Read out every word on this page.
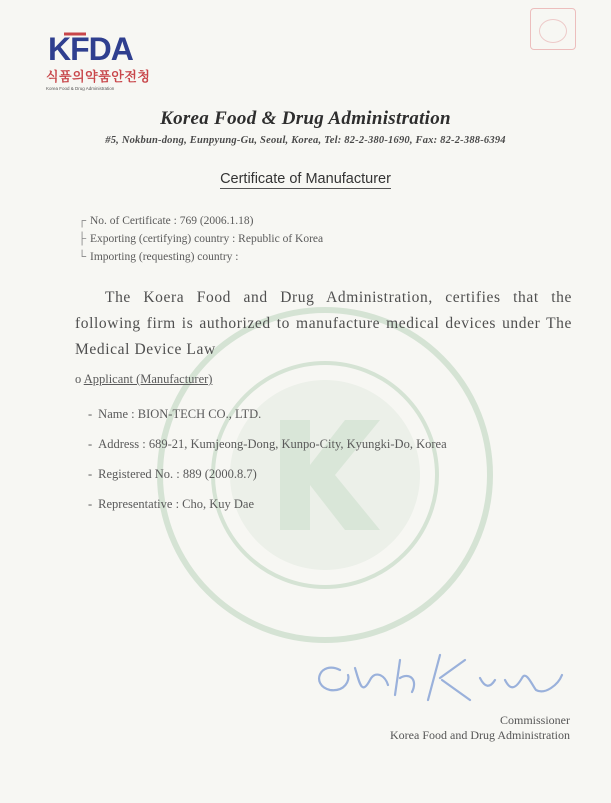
KFDA
식품의약품안전청
Korea Food & Drug Administration
Korea Food & Drug Administration
#5, Nokbun-dong, Eunpyung-Gu, Seoul, Korea, Tel: 82-2-380-1690, Fax: 82-2-388-6394
Certificate of Manufacturer
┌ No. of Certificate : 769 (2006.1.18)
├ Exporting (certifying) country : Republic of Korea
└ Importing (requesting) country :
The Koera Food and Drug Administration, certifies that the following firm is authorized to manufacture medical devices under The Medical Device Law
o Applicant (Manufacturer)
- Name : BION-TECH CO., LTD.
- Address : 689-21, Kumjeong-Dong, Kunpo-City, Kyungki-Do, Korea
- Registered No. : 889 (2000.8.7)
- Representative : Cho, Kuy Dae
Commissioner
Korea Food and Drug Administration
